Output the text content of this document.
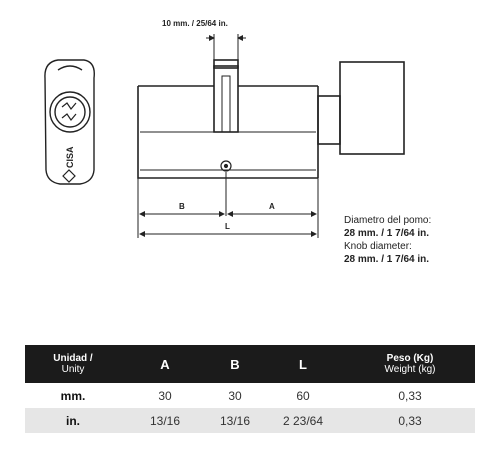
CISA
10 mm. / 25/64 in.
B	A
L
Diametro del pomo:
28 mm. / 1 7/64 in.
Knob diameter:
28 mm. / 1 7/64 in.
Unidad /
Unity	A	B	L	Peso (Kg)
Weight (kg)

mm.	30	30	60	0,33
in.	13/16	13/16	2 23/64	0,33
